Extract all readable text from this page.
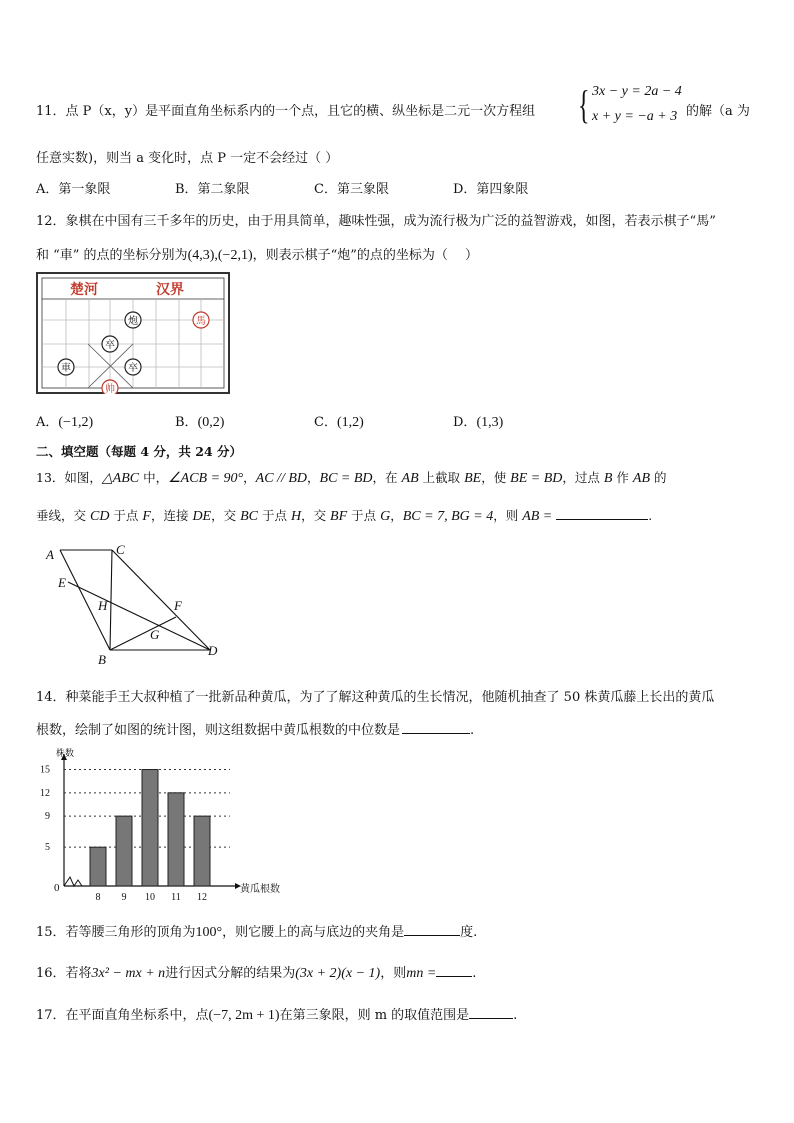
11．点 P（x，y）是平面直角坐标系内的一个点，且它的横、纵坐标是二元一次方程组 { 3x − y = 2a − 4
x + y = −a + 3 的解（a 为
任意实数)，则当 a 变化时，点 P 一定不会经过（ ）
A．第一象限	B．第二象限	C．第三象限	D．第四象限
12．象棋在中国有三千多年的历史，由于用具简单，趣味性强，成为流行极为广泛的益智游戏，如图，若表示棋子“馬”
和 “車” 的点的坐标分别为(4,3),(−2,1)，则表示棋子“炮”的点的坐标为（　 ）
楚河	汉界
炮	馬
卒
車	卒
帅
A．(−1,2)	B．(0,2)	C．(1,2)	D．(1,3)
二、填空题（每题 4 分，共 24 分）
13．如图，△ABC 中，∠ACB = 90°，AC // BD，BC = BD，在 AB 上截取 BE，使 BE = BD，过点 B 作 AB 的
垂线，交 CD 于点 F，连接 DE，交 BC 于点 H，交 BF 于点 G，BC = 7, BG = 4，则 AB =	.
A	C
E
H	F
G
B
D
14．种菜能手王大叔种植了一批新品种黄瓜，为了了解这种黄瓜的生长情况，他随机抽查了 50 株黄瓜藤上长出的黄瓜
根数，绘制了如图的统计图，则这组数据中黄瓜根数的中位数是	.
0
株数
黄瓜根数
5
9
12
15
8 9 10 11 12
15．若等腰三角形的顶角为100°，则它腰上的高与底边的夹角是	度.
16．若将3x² − mx + n进行因式分解的结果为(3x + 2)(x − 1)，则mn =	.
17．在平面直角坐标系中，点(−7, 2m + 1)在第三象限，则 m 的取值范围是	.
